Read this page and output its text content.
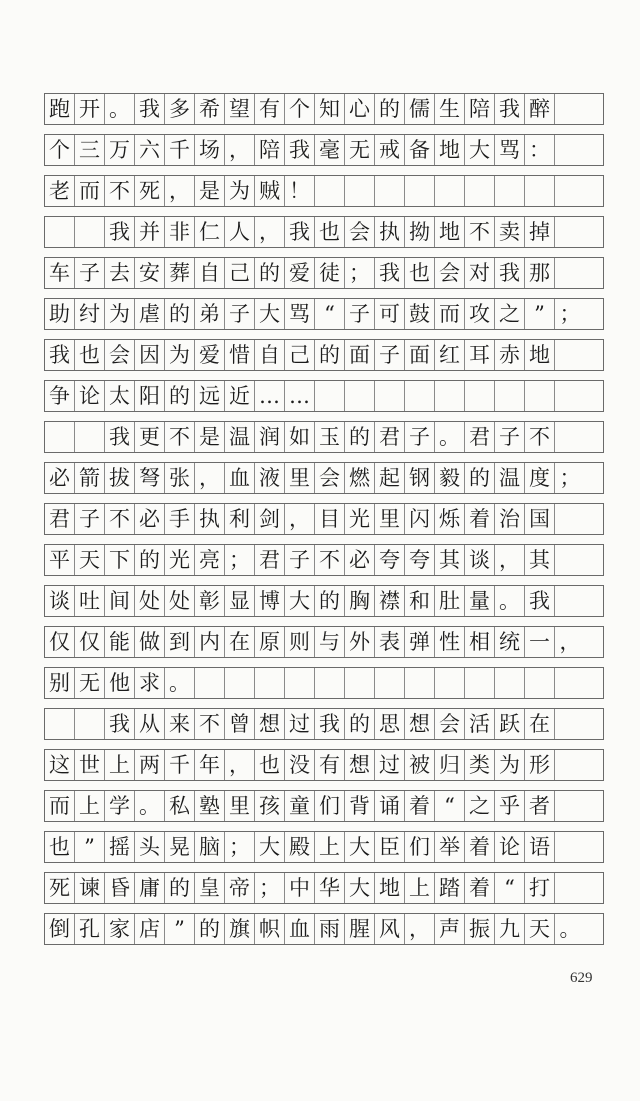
跑 开 。 我 多 希 望 有 个 知 心 的 儒 生 陪 我 醉
个 三 万 六 千 场 ， 陪 我 毫 无 戒 备 地 大 骂 ：
老 而 不 死 ， 是 为 贼 ！
我 并 非 仁 人 ， 我 也 会 执 拗 地 不 卖 掉
车 子 去 安 葬 自 己 的 爱 徒 ； 我 也 会 对 我 那
助 纣 为 虐 的 弟 子 大 骂 “ 子 可 鼓 而 攻 之 ” ；
我 也 会 因 为 爱 惜 自 己 的 面 子 面 红 耳 赤 地
争 论 太 阳 的 远 近 … …
我 更 不 是 温 润 如 玉 的 君 子 。 君 子 不
必 箭 拔 弩 张 ， 血 液 里 会 燃 起 钢 毅 的 温 度 ；
君 子 不 必 手 执 利 剑 ， 目 光 里 闪 烁 着 治 国
平 天 下 的 光 亮 ； 君 子 不 必 夸 夸 其 谈 ， 其
谈 吐 间 处 处 彰 显 博 大 的 胸 襟 和 肚 量 。 我
仅 仅 能 做 到 内 在 原 则 与 外 表 弹 性 相 统 一 ，
别 无 他 求 。
我 从 来 不 曾 想 过 我 的 思 想 会 活 跃 在
这 世 上 两 千 年 ， 也 没 有 想 过 被 归 类 为 形
而 上 学 。 私 塾 里 孩 童 们 背 诵 着 “ 之 乎 者
也 ” 摇 头 晃 脑 ； 大 殿 上 大 臣 们 举 着 论 语
死 谏 昏 庸 的 皇 帝 ； 中 华 大 地 上 踏 着 “ 打
倒 孔 家 店 ” 的 旗 帜 血 雨 腥 风 ， 声 振 九 天 。
629
